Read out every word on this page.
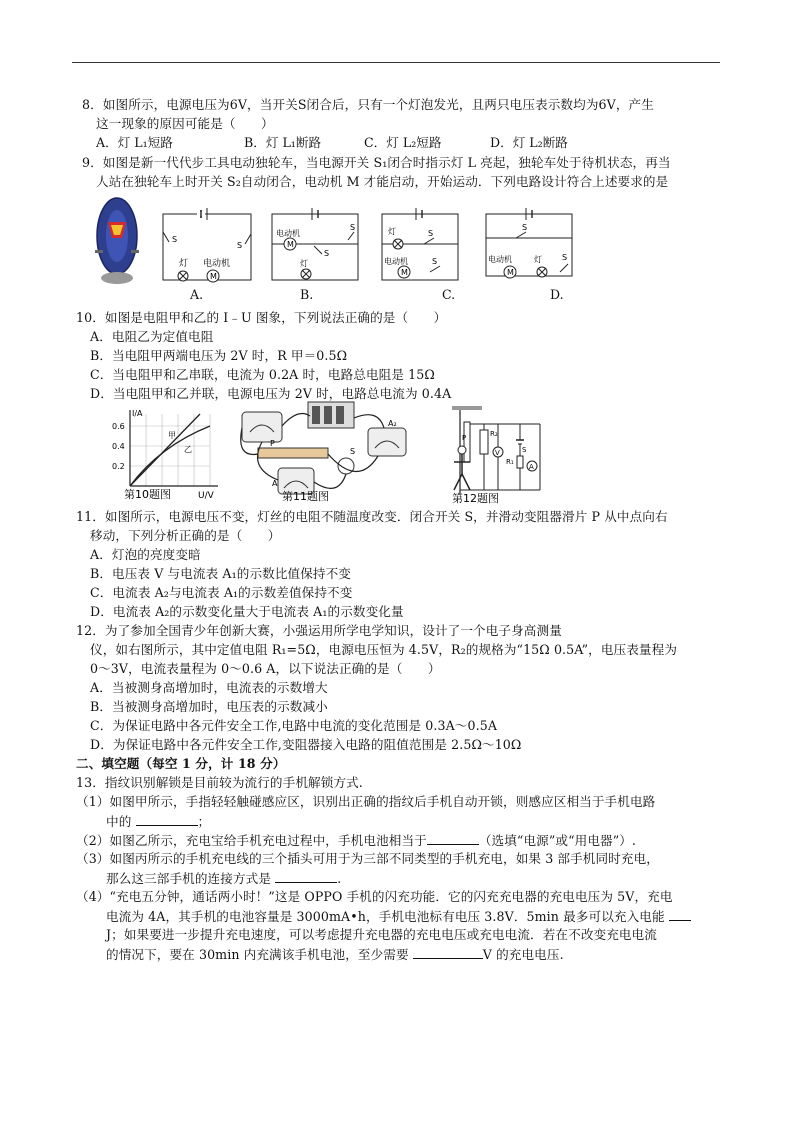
8．如图所示，电源电压为6V，当开关S闭合后，只有一个灯泡发光，且两只电压表示数均为6V，产生
这一现象的原因可能是（　　）
A．灯 L₁短路	B．灯 L₁断路	C．灯 L₂短路	D．灯 L₂断路
9．如图是新一代代步工具电动独轮车，当电源开关 S₁闭合时指示灯 L 亮起，独轮车处于待机状态，再当
人站在独轮车上时开关 S₂自动闭合，电动机 M 才能启动，开始运动．下列电路设计符合上述要求的是
M
S
S
灯 电动机
M
电动机
S
S
灯
M
灯	S
S
电动机
M
电动机	灯
S
S
A.	B.	C.	D.
10．如图是电阻甲和乙的 I﹣U 图象，下列说法正确的是（　　）
A．电阻乙为定值电阻
B．当电阻甲两端电压为 2V 时，R 甲＝0.5Ω
C．当电阻甲和乙串联，电流为 0.2A 时，电路总电阻是 15Ω
D．当电阻甲和乙并联，电源电压为 2V 时，电路总电流为 0.4A
甲
乙
I/A
0.6
0.4
0.2
U/V
第10题图
A₂
P
A
S
第11题图
P	R₂
V
A
S
R₁
第12题图
11．如图所示，电源电压不变，灯丝的电阻不随温度改变．闭合开关 S，并滑动变阻器滑片 P 从中点向右
移动，下列分析正确的是（　　）
A．灯泡的亮度变暗
B．电压表 V 与电流表 A₁的示数比值保持不变
C．电流表 A₂与电流表 A₁的示数差值保持不变
D．电流表 A₂的示数变化量大于电流表 A₁的示数变化量
12．为了参加全国青少年创新大赛，小强运用所学电学知识，设计了一个电子身高测量
仪，如右图所示，其中定值电阻 R₁=5Ω，电源电压恒为 4.5V，R₂的规格为“15Ω 0.5A”，电压表量程为
0～3V，电流表量程为 0～0.6 A，以下说法正确的是（　　）
A．当被测身高增加时，电流表的示数增大
B．当被测身高增加时，电压表的示数减小
C．为保证电路中各元件安全工作,电路中电流的变化范围是 0.3A～0.5A
D．为保证电路中各元件安全工作,变阻器接入电路的阻值范围是 2.5Ω～10Ω
二、填空题（每空 1 分，计 18 分）
13．指纹识别解锁是目前较为流行的手机解锁方式.
（1）如图甲所示，手指轻轻触碰感应区，识别出正确的指纹后手机自动开锁，则感应区相当于手机电路
中的	；
（2）如图乙所示，充电宝给手机充电过程中，手机电池相当于	（选填“电源”或“用电器”）.
（3）如图丙所示的手机充电线的三个插头可用于为三部不同类型的手机充电，如果 3 部手机同时充电，
那么这三部手机的连接方式是	.
（4）“充电五分钟，通话两小时！”这是 OPPO 手机的闪充功能．它的闪充充电器的充电电压为 5V，充电
电流为 4A，其手机的电池容量是 3000mA•h，手机电池标有电压 3.8V．5min 最多可以充入电能
J；如果要进一步提升充电速度，可以考虑提升充电器的充电电压或充电电流．若在不改变充电电流
的情况下，要在 30min 内充满该手机电池，至少需要	V 的充电电压.
